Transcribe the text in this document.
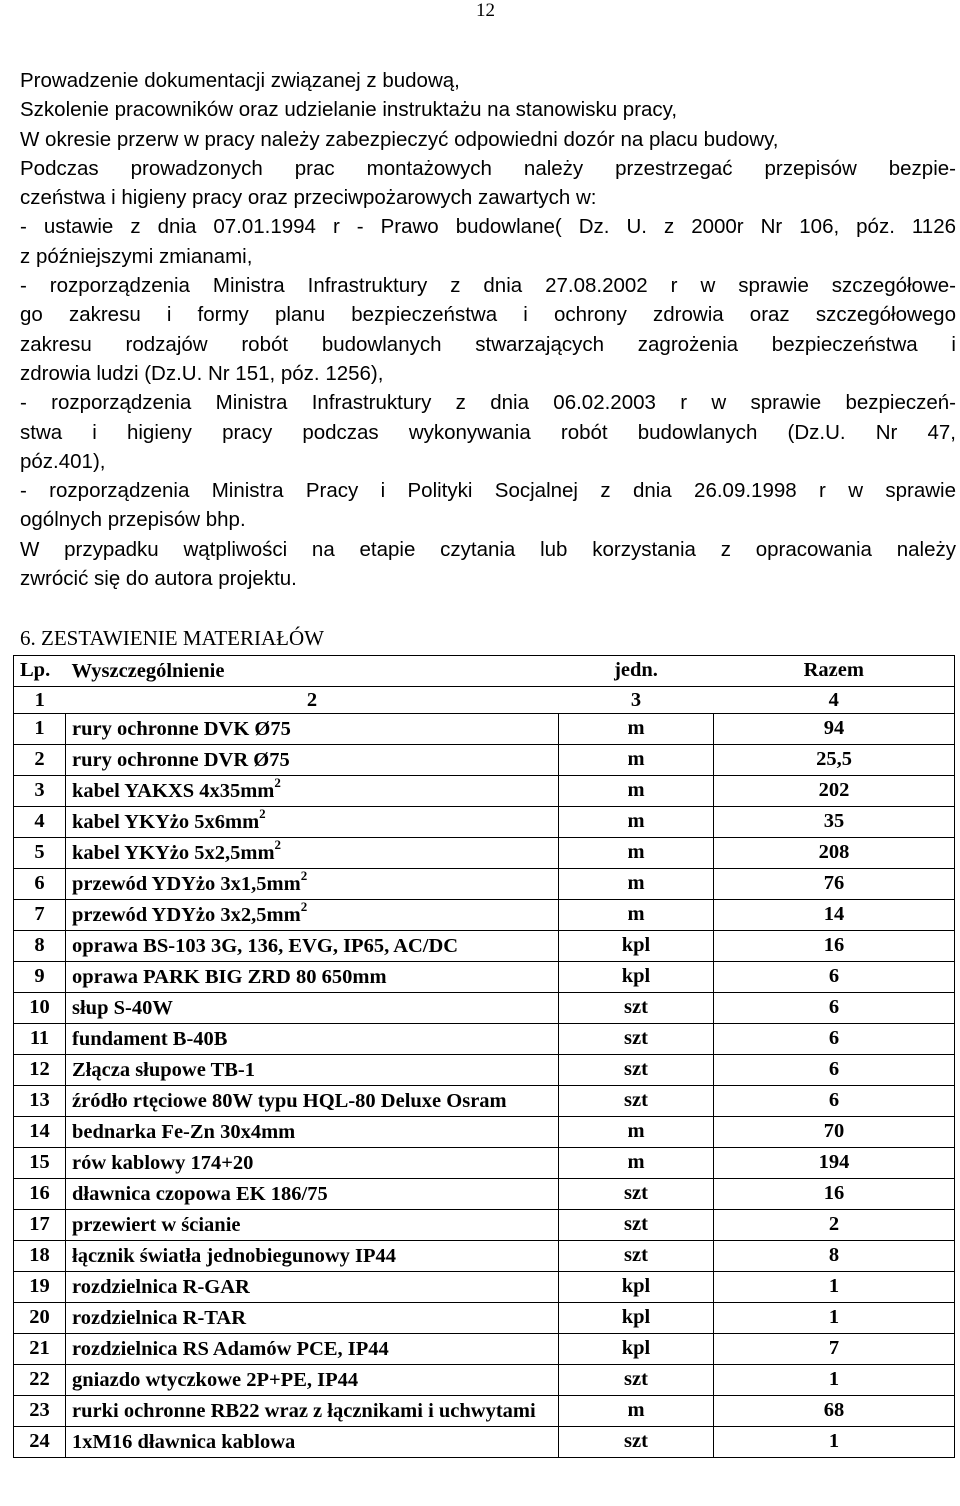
12
Prowadzenie dokumentacji związanej z budową,
Szkolenie pracowników oraz udzielanie instruktażu na stanowisku pracy,
W okresie przerw w pracy należy zabezpieczyć odpowiedni dozór na placu budowy,
Podczas prowadzonych prac montażowych należy przestrzegać przepisów bezpie-
czeństwa i higieny pracy oraz przeciwpożarowych zawartych w:
- ustawie z dnia 07.01.1994 r - Prawo budowlane( Dz. U. z 2000r Nr 106, póz. 1126
z późniejszymi zmianami,
- rozporządzenia Ministra Infrastruktury z dnia 27.08.2002 r w sprawie szczegółowe-
go zakresu i formy planu bezpieczeństwa i ochrony zdrowia oraz szczegółowego
zakresu rodzajów robót budowlanych stwarzających zagrożenia bezpieczeństwa i
zdrowia ludzi (Dz.U. Nr 151, póz. 1256),
- rozporządzenia Ministra Infrastruktury z dnia 06.02.2003 r w sprawie bezpieczeń-
stwa i higieny pracy podczas wykonywania robót budowlanych (Dz.U. Nr 47,
póz.401),
- rozporządzenia Ministra Pracy i Polityki Socjalnej z dnia 26.09.1998 r w sprawie
ogólnych przepisów bhp.
W przypadku wątpliwości na etapie czytania lub korzystania z opracowania należy
zwrócić się do autora projektu.
6. ZESTAWIENIE MATERIAŁÓW
Lp.	Wyszczególnienie	jedn.	Razem
1	2	3	4
1	rury ochronne DVK Ø75	m	94
2	rury ochronne DVR Ø75	m	25,5
3	kabel YAKXS $4x35mm^2$	m	202
4	kabel YKYżo $5x6mm^2$	m	35
5	kabel YKYżo $5x2,5mm^2$	m	208
6	przewód YDYżo $3x1,5mm^2$	m	76
7	przewód YDYżo $3x2,5mm^2$	m	14
8	oprawa BS-103 3G, 136, EVG, IP65, AC/DC	kpl	16
9	oprawa PARK BIG ZRD 80 650mm	kpl	6
10	słup S-40W	szt	6
11	fundament B-40B	szt	6
12	Złącza słupowe TB-1	szt	6
13	źródło rtęciowe 80W typu HQL-80 Deluxe Osram	szt	6
14	bednarka Fe-Zn 30x4mm	m	70
15	rów kablowy 174+20	m	194
16	dławnica czopowa EK 186/75	szt	16
17	przewiert w ścianie	szt	2
18	łącznik światła jednobiegunowy IP44	szt	8
19	rozdzielnica R-GAR	kpl	1
20	rozdzielnica R-TAR	kpl	1
21	rozdzielnica RS Adamów PCE, IP44	kpl	7
22	gniazdo wtyczkowe 2P+PE, IP44	szt	1
23	rurki ochronne RB22 wraz z łącznikami i uchwytami	m	68
24	1xM16 dławnica kablowa	szt	1
